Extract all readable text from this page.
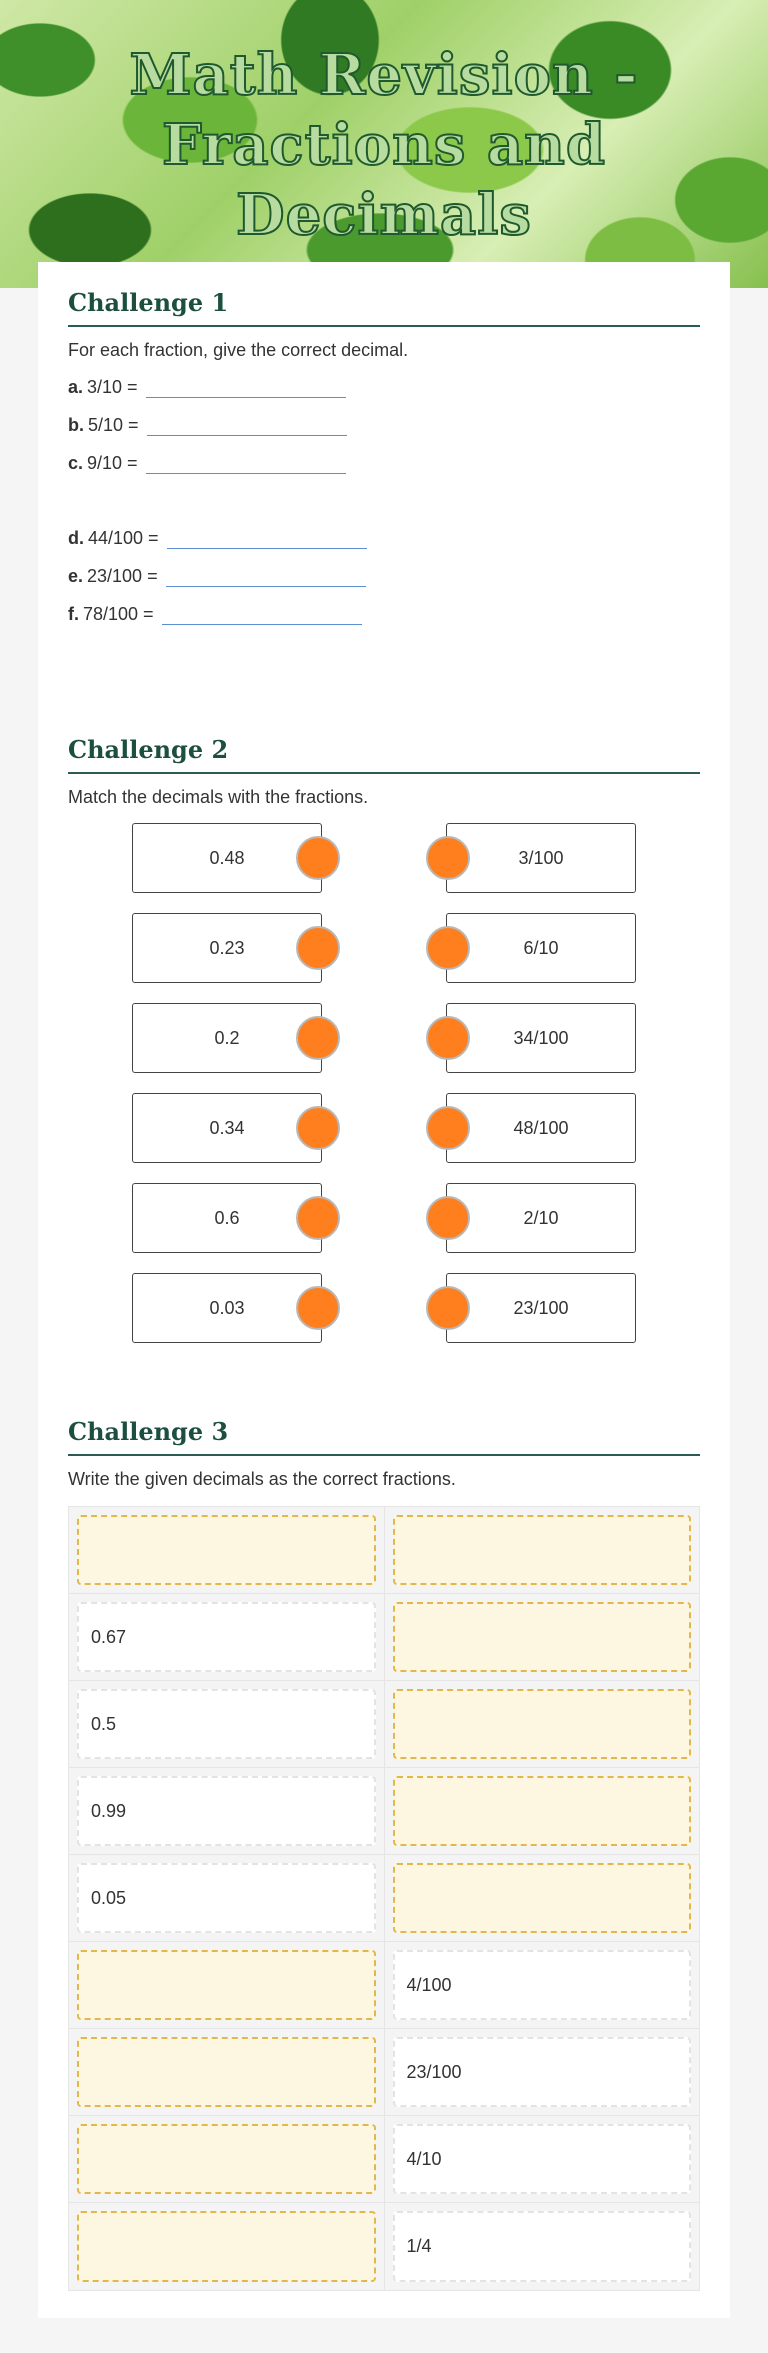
Math Revision -
Fractions and
Decimals
Challenge 1
For each fraction, give the correct decimal.
a. 3/10 =
b. 5/10 =
c. 9/10 =
d. 44/100 =
e. 23/100 =
f. 78/100 =
Challenge 2
Match the decimals with the fractions.
0.48
0.23
0.2
0.34
0.6
0.03
3/100
6/10
34/100
48/100
2/10
23/100
Challenge 3
Write the given decimals as the correct fractions.
0.67
0.5
0.99
0.05
4/100
23/100
4/10
1/4
